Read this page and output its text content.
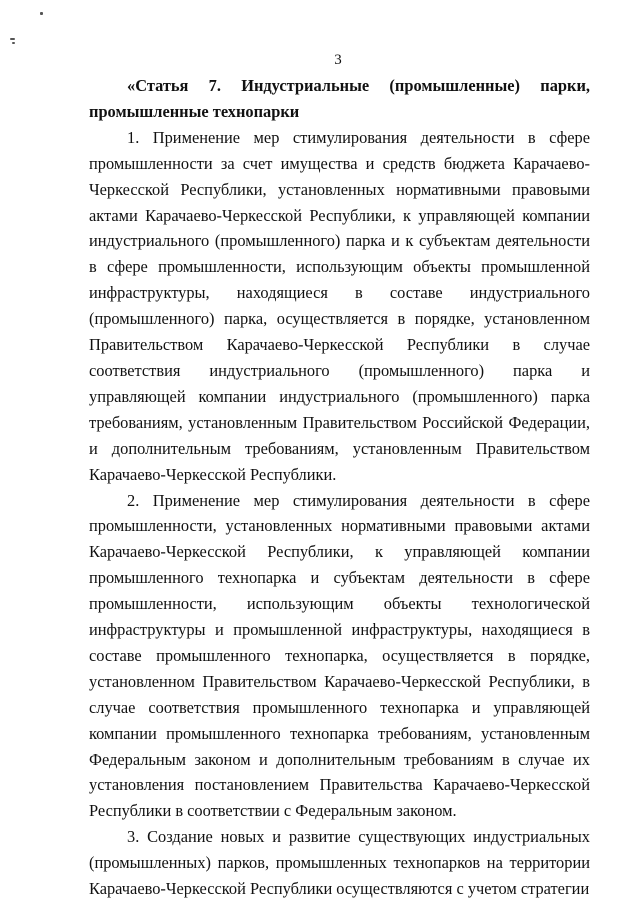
3

«Статья 7. Индустриальные (промышленные) парки, промышленные технопарки

1. Применение мер стимулирования деятельности в сфере промышленности за счет имущества и средств бюджета Карачаево-Черкесской Республики, установленных нормативными правовыми актами Карачаево-Черкесской Республики, к управляющей компании индустриального (промышленного) парка и к субъектам деятельности в сфере промышленности, использующим объекты промышленной инфраструктуры, находящиеся в составе индустриального (промышленного) парка, осуществляется в порядке, установленном Правительством Карачаево-Черкесской Республики в случае соответствия индустриального (промышленного) парка и управляющей компании индустриального (промышленного) парка требованиям, установленным Правительством Российской Федерации, и дополнительным требованиям, установленным Правительством Карачаево-Черкесской Республики.

2. Применение мер стимулирования деятельности в сфере промышленности, установленных нормативными правовыми актами Карачаево-Черкесской Республики, к управляющей компании промышленного технопарка и субъектам деятельности в сфере промышленности, использующим объекты технологической инфраструктуры и промышленной инфраструктуры, находящиеся в составе промышленного технопарка, осуществляется в порядке, установленном Правительством Карачаево-Черкесской Республики, в случае соответствия промышленного технопарка и управляющей компании промышленного технопарка требованиям, установленным Федеральным законом и дополнительным требованиям в случае их установления постановлением Правительства Карачаево-Черкесской Республики в соответствии с Федеральным законом.

3. Создание новых и развитие существующих индустриальных (промышленных) парков, промышленных технопарков на территории Карачаево-Черкесской Республики осуществляются с учетом стратегии
